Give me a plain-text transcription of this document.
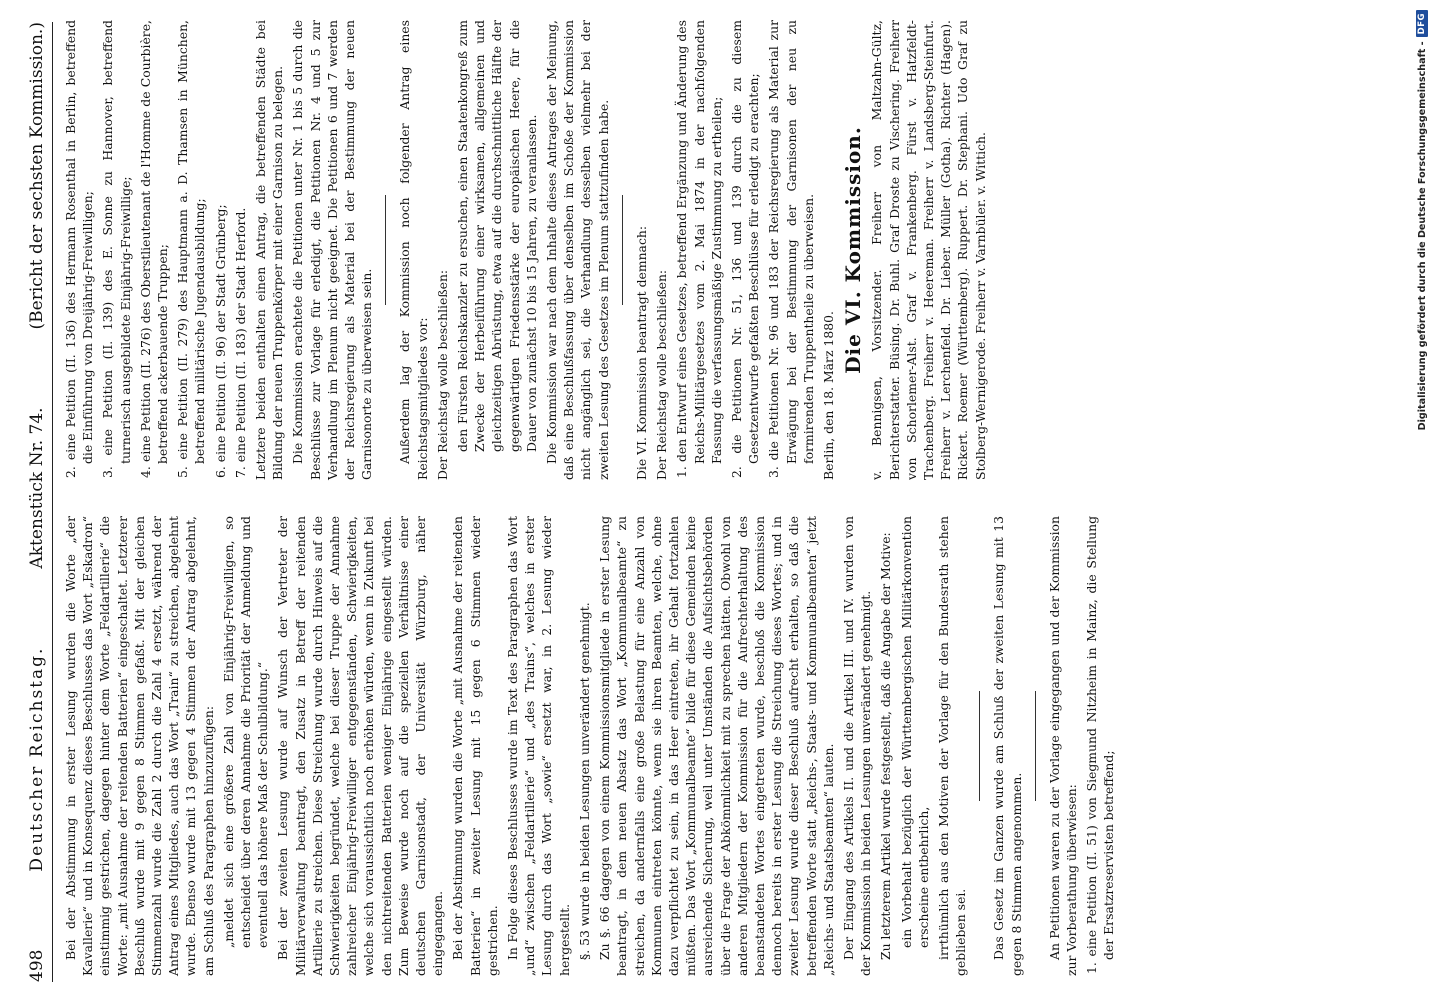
498
Deutscher Reichstag.
Aktenstück Nr. 74.
(Bericht der sechsten Kommission.)

Bei der Abstimmung in erster Lesung wurden die Worte „der Kavallerie“ und in Konsequenz dieses Beschlusses das Wort „Eskadron“ einstimmig gestrichen, dagegen hinter dem Worte „Feldartillerie“ die Worte: „mit Ausnahme der reitenden Batterien“ eingeschaltet. Letzterer Beschluß wurde mit 9 gegen 8 Stimmen gefaßt. Mit der gleichen Stimmenzahl wurde die Zahl 2 durch die Zahl 4 ersetzt, während der Antrag eines Mitgliedes, auch das Wort „Train“ zu streichen, abgelehnt wurde. Ebenso wurde mit 13 gegen 4 Stimmen der Antrag abgelehnt, am Schluß des Paragraphen hinzuzufügen: „meldet sich eine größere Zahl von Einjährig-Freiwilligen, so entscheidet über deren Annahme die Priorität der Anmeldung und eventuell das höhere Maß der Schulbildung.“ Bei der zweiten Lesung wurde auf Wunsch der Vertreter der Militärverwaltung beantragt, den Zusatz in Betreff der reitenden Artillerie zu streichen. Diese Streichung wurde durch Hinweis auf die Schwierigkeiten begründet, welche bei dieser Truppe der Annahme zahlreicher Einjährig-Freiwilliger entgegenständen, Schwierigkeiten, welche sich voraussichtlich noch erhöhen würden, wenn in Zukunft bei den nichtreitenden Batterien weniger Einjährige eingestellt würden. Zum Beweise wurde noch auf die speziellen Verhältnisse einer deutschen Garnisonstadt, der Universität Würzburg, näher eingegangen. Bei der Abstimmung wurden die Worte „mit Ausnahme der reitenden Batterien“ in zweiter Lesung mit 15 gegen 6 Stimmen wieder gestrichen. In Folge dieses Beschlusses wurde im Text des Paragraphen das Wort „und“ zwischen „Feldartillerie“ und „des Trains“, welches in erster Lesung durch das Wort „sowie“ ersetzt war, in 2. Lesung wieder hergestellt. §. 53 wurde in beiden Lesungen unverändert genehmigt. Zu §. 66 dagegen von einem Kommissionsmitgliede in erster Lesung beantragt, in dem neuen Absatz das Wort „Kommunalbeamte“ zu streichen, da andernfalls eine große Belastung für eine Anzahl von Kommunen eintreten könnte, wenn sie ihren Beamten, welche, ohne dazu verpflichtet zu sein, in das Heer eintreten, ihr Gehalt fortzahlen müßten. Das Wort „Kommunalbeamte“ bilde für diese Gemeinden keine ausreichende Sicherung, weil unter Umständen die Aufsichtsbehörden über die Frage der Abkömmlichkeit mit zu sprechen hätten. Obwohl von anderen Mitgliedern der Kommission für die Aufrechterhaltung des beanstandeten Wortes eingetreten wurde, beschloß die Kommission dennoch bereits in erster Lesung die Streichung dieses Wortes; und in zweiter Lesung wurde dieser Beschluß aufrecht erhalten, so daß die betreffenden Worte statt „Reichs-, Staats- und Kommunalbeamten“ jetzt „Reichs- und Staatsbeamten“ lauten. Der Eingang des Artikels II. und die Artikel III. und IV. wurden von der Kommission in beiden Lesungen unverändert genehmigt. Zu letzterem Artikel wurde festgestellt, daß die Angabe der Motive: ein Vorbehalt bezüglich der Württembergischen Militärkonvention erscheine entbehrlich, irrthümlich aus den Motiven der Vorlage für den Bundesrath stehen geblieben sei. Das Gesetz im Ganzen wurde am Schluß der zweiten Lesung mit 13 gegen 8 Stimmen angenommen. An Petitionen waren zu der Vorlage eingegangen und der Kommission zur Vorberathung überwiesen: 1. eine Petition (II. 51) von Siegmund Nitzheim in Mainz, die Stellung der Ersatzreservisten betreffend;

2. eine Petition (II. 136) des Hermann Rosenthal in Berlin, betreffend die Einführung von Dreijährig-Freiwilligen; 3. eine Petition (II. 139) des E. Sonne zu Hannover, betreffend turnerisch ausgebildete Einjährig-Freiwillige; 4. eine Petition (II. 276) des Oberstlieutenant de l'Homme de Courbière, betreffend ackerbauende Truppen; 5. eine Petition (II. 279) des Hauptmann a. D. Thamsen in München, betreffend militärische Jugendausbildung; 6. eine Petition (II. 96) der Stadt Grünberg; 7. eine Petition (II. 183) der Stadt Herford. Letztere beiden enthalten einen Antrag, die betreffenden Städte bei Bildung der neuen Truppenkörper mit einer Garnison zu belegen. Die Kommission erachtete die Petitionen unter Nr. 1 bis 5 durch die Beschlüsse zur Vorlage für erledigt, die Petitionen Nr. 4 und 5 zur Verhandlung im Plenum nicht geeignet. Die Petitionen 6 und 7 werden der Reichsregierung als Material bei der Bestimmung der neuen Garnisonorte zu überweisen sein. Außerdem lag der Kommission noch folgender Antrag eines Reichstagsmitgliedes vor: Der Reichstag wolle beschließen: den Fürsten Reichskanzler zu ersuchen, einen Staatenkongreß zum Zwecke der Herbeiführung einer wirksamen, allgemeinen und gleichzeitigen Abrüstung, etwa auf die durchschnittliche Hälfte der gegenwärtigen Friedensstärke der europäischen Heere, für die Dauer von zunächst 10 bis 15 Jahren, zu veranlassen. Die Kommission war nach dem Inhalte dieses Antrages der Meinung, daß eine Beschlußfassung über denselben im Schoße der Kommission nicht angänglich sei, die Verhandlung desselben vielmehr bei der zweiten Lesung des Gesetzes im Plenum stattzufinden habe. Die VI. Kommission beantragt demnach: Der Reichstag wolle beschließen: 1. den Entwurf eines Gesetzes, betreffend Ergänzung und Änderung des Reichs-Militärgesetzes vom 2. Mai 1874 in der nachfolgenden Fassung die verfassungsmäßige Zustimmung zu ertheilen; 2. die Petitionen Nr. 51, 136 und 139 durch die zu diesem Gesetzentwurfe gefaßten Beschlüsse für erledigt zu erachten; 3. die Petitionen Nr. 96 und 183 der Reichsregierung als Material zur Erwägung bei der Bestimmung der Garnisonen der neu zu formirenden Truppentheile zu überweisen. Berlin, den 18. März 1880.

Die VI. Kommission. v. Bennigsen, Vorsitzender. Freiherr von Maltzahn-Gültz, Berichterstatter. Büsing. Dr. Buhl. Graf Droste zu Vischering. Freiherr von Schorlemer-Alst. Graf v. Frankenberg. Fürst v. Hatzfeldt-Trachenberg. Freiherr v. Heereman. Freiherr v. Landsberg-Steinfurt. Freiherr v. Lerchenfeld. Dr. Lieber. Müller (Gotha). Richter (Hagen). Rickert. Roemer (Württemberg). Ruppert. Dr. Stephani. Udo Graf zu Stolberg-Wernigerode. Freiherr v. Varnbüler. v. Wittich.	Digitalisierung gefördert durch die Deutsche Forschungsgemeinschaft -
DFG
